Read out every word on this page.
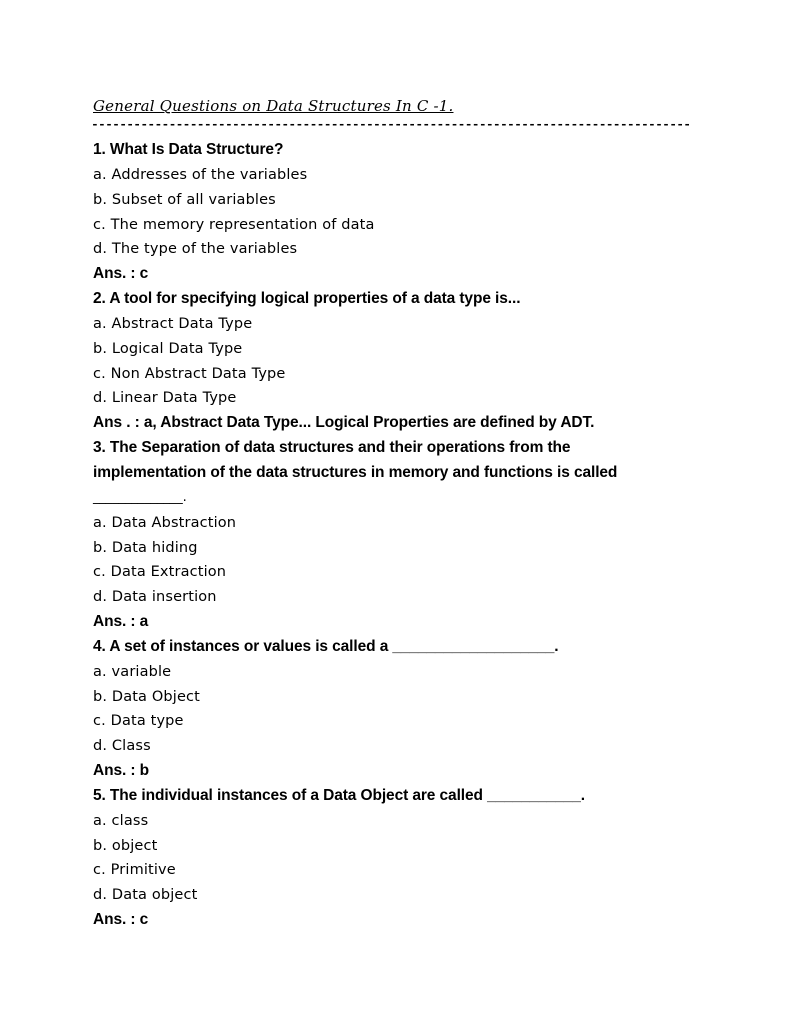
General Questions on Data Structures In C -1.
-------------------------------------------------------------------------------------
1. What Is Data Structure?
a. Addresses of the variables
b. Subset of all variables
c. The memory representation of data
d. The type of the variables
Ans. : c
2. A tool for specifying logical properties of a data type is...
a. Abstract Data Type
b. Logical Data Type
c. Non Abstract Data Type
d. Linear Data Type
Ans . : a, Abstract Data Type... Logical Properties are defined by ADT.
3. The Separation of data structures and their operations from the
implementation of the data structures in memory and functions is called
______________.
a. Data Abstraction
b. Data hiding
c. Data Extraction
d. Data insertion
Ans. : a
4. A set of instances or values is called a ___________________.
a. variable
b. Data Object
c. Data type
d. Class
Ans. : b
5. The individual instances of a Data Object are called ___________.
a. class
b. object
c. Primitive
d. Data object
Ans. : c
